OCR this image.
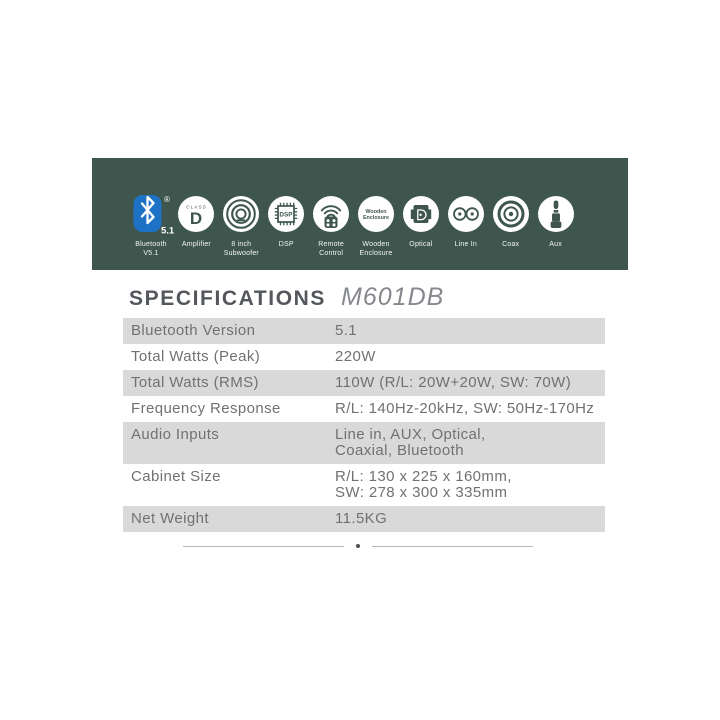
®
5.1
Bluetooth
V5.1
CLASS
D
Amplifier	8 inch
Subwoofer
DSP
DSP	Remote
Control
Wooden
Enclosure
Wooden
Enclosure
Optical	Line In	Coax	Aux
SPECIFICATIONS M601DB
Bluetooth Version	5.1
Total Watts (Peak)	220W
Total Watts (RMS)	110W (R/L: 20W+20W, SW: 70W)
Frequency Response	R/L: 140Hz-20kHz, SW: 50Hz-170Hz
Audio Inputs	Line in, AUX, Optical,
Coaxial, Bluetooth
Cabinet Size	R/L: 130 x 225 x 160mm,
SW: 278 x 300 x 335mm
Net Weight	11.5KG
